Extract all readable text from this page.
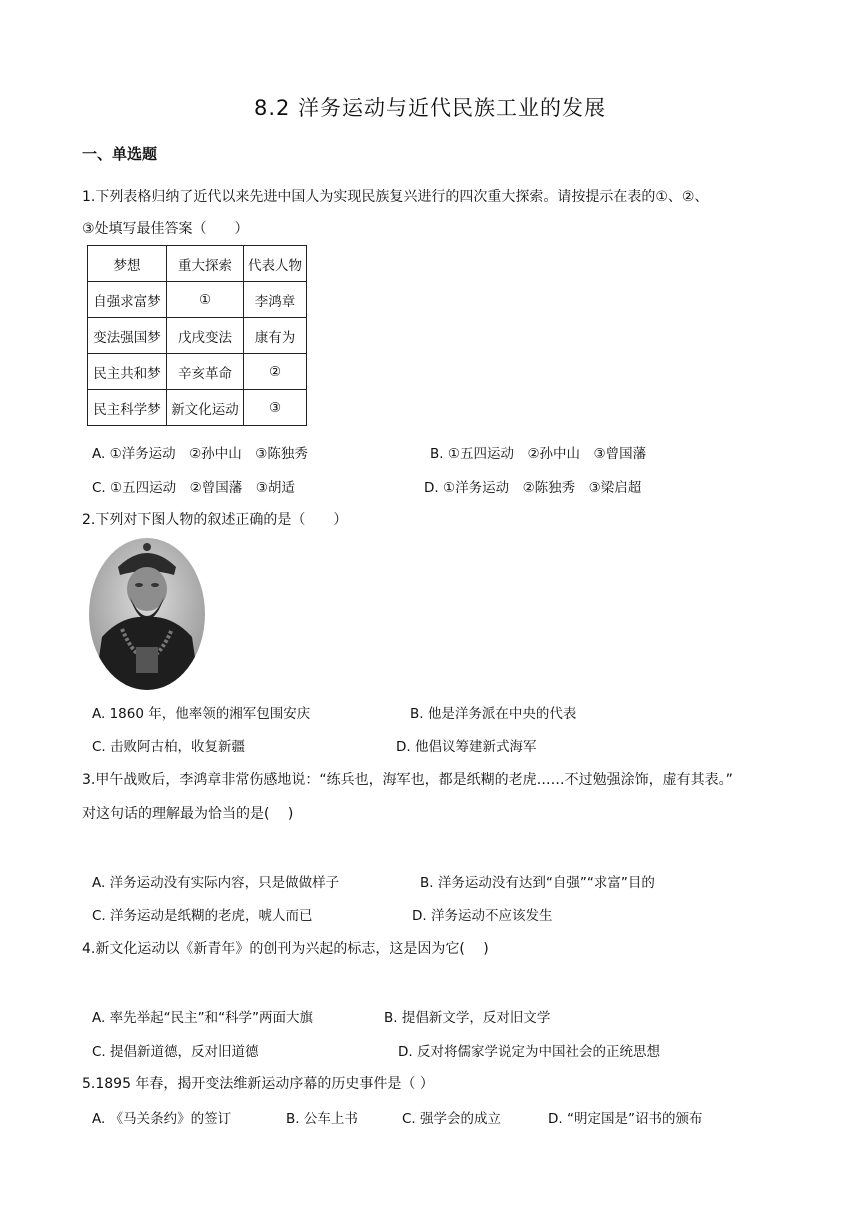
8.2 洋务运动与近代民族工业的发展
一、单选题
1.下列表格归纳了近代以来先进中国人为实现民族复兴进行的四次重大探索。请按提示在表的①、②、
③处填写最佳答案（　　）
梦想	重大探索	代表人物
自强求富梦	①	李鸿章
变法强国梦	戊戌变法	康有为
民主共和梦	辛亥革命	②
民主科学梦	新文化运动	③
A. ①洋务运动　②孙中山　③陈独秀	B. ①五四运动　②孙中山　③曾国藩
C. ①五四运动　②曾国藩　③胡适	D. ①洋务运动　②陈独秀　③梁启超
2.下列对下图人物的叙述正确的是（　　）
A. 1860 年，他率领的湘军包围安庆	B. 他是洋务派在中央的代表
C. 击败阿古柏，收复新疆	D. 他倡议筹建新式海军
3.甲午战败后，李鸿章非常伤感地说：“练兵也，海军也，都是纸糊的老虎……不过勉强涂饰，虚有其表。”
对这句话的理解最为恰当的是(　 )
A. 洋务运动没有实际内容，只是做做样子	B. 洋务运动没有达到“自强”“求富”目的
C. 洋务运动是纸糊的老虎，唬人而已	D. 洋务运动不应该发生
4.新文化运动以《新青年》的创刊为兴起的标志，这是因为它(　 )
A. 率先举起“民主”和“科学”两面大旗	B. 提倡新文学，反对旧文学
C. 提倡新道德，反对旧道德	D. 反对将儒家学说定为中国社会的正统思想
5.1895 年春，揭开变法维新运动序幕的历史事件是（ ）
A. 《马关条约》的签订	B. 公车上书	C. 强学会的成立	D. “明定国是”诏书的颁布
